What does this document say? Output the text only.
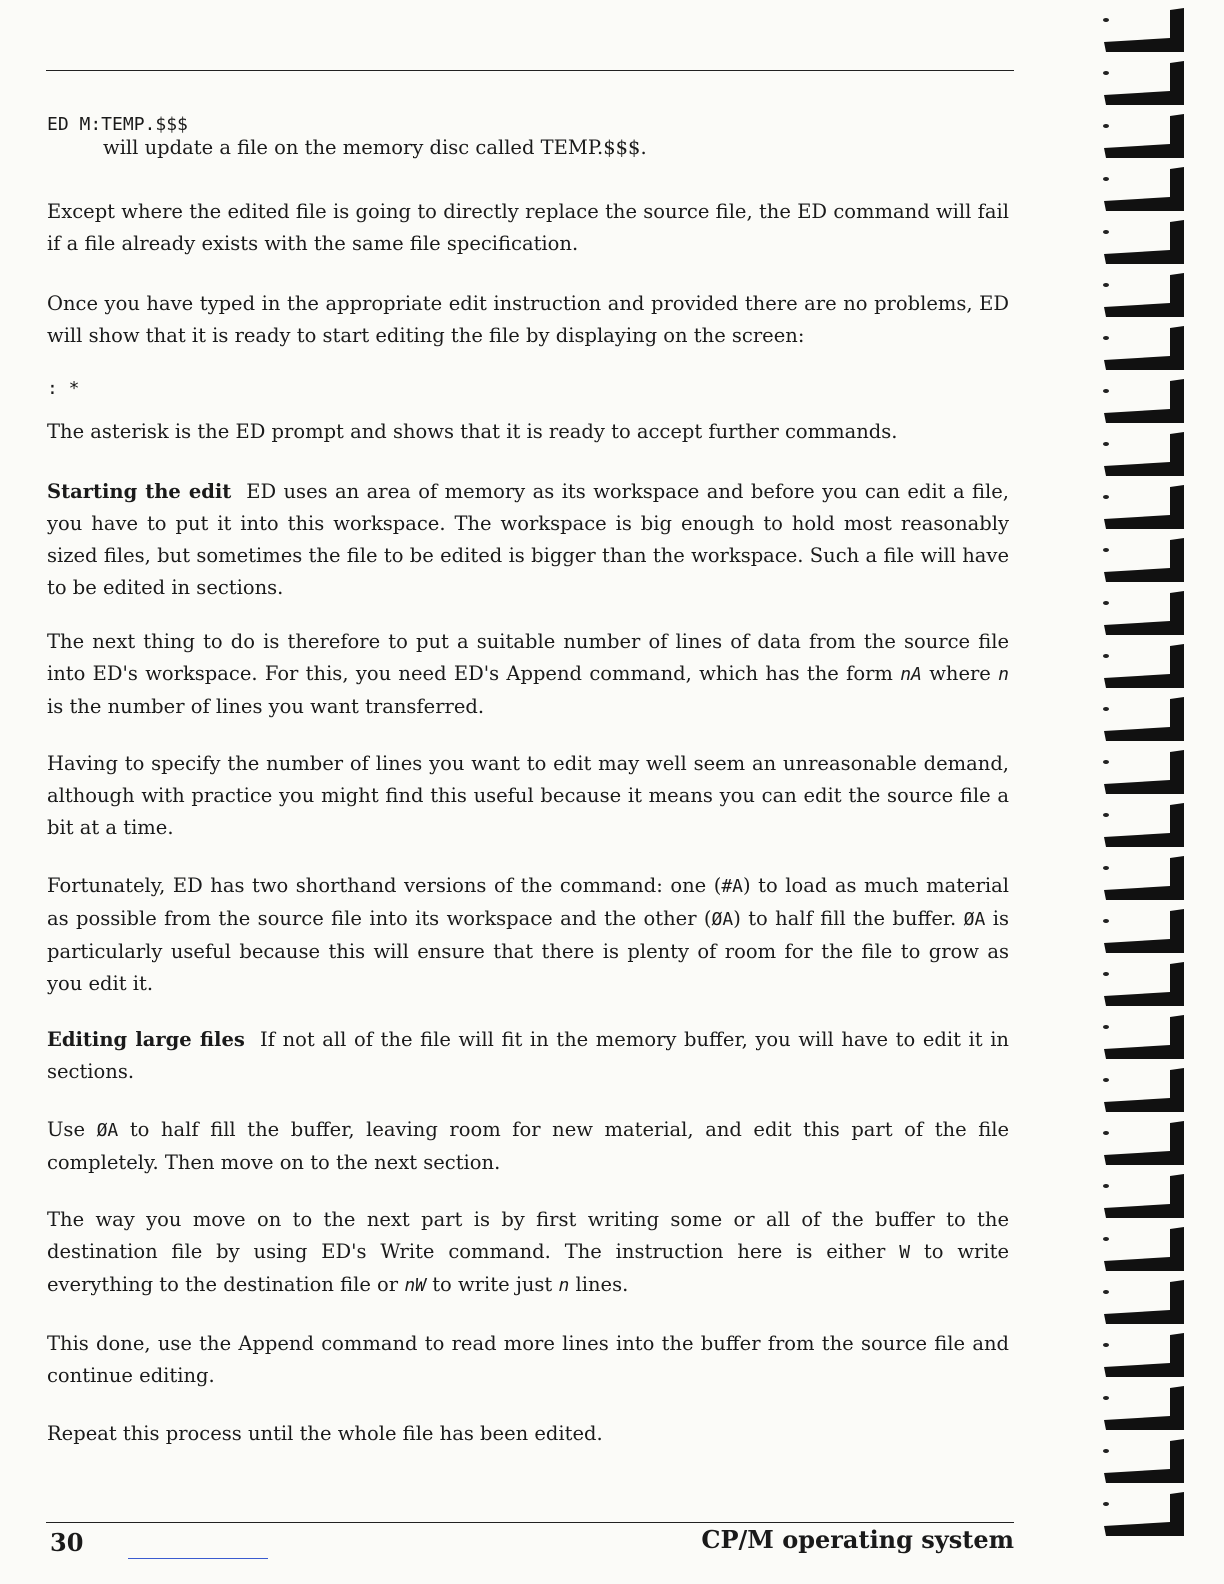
ED M:TEMP.$$$

will update a file on the memory disc called TEMP.$$$.

Except where the edited file is going to directly replace the source file, the ED command will fail if a file already exists with the same file specification.

Once you have typed in the appropriate edit instruction and provided there are no problems, ED will show that it is ready to start editing the file by displaying on the screen:

: *

The asterisk is the ED prompt and shows that it is ready to accept further commands.

Starting the edit ED uses an area of memory as its workspace and before you can edit a file, you have to put it into this workspace. The workspace is big enough to hold most reasonably sized files, but sometimes the file to be edited is bigger than the workspace. Such a file will have to be edited in sections.

The next thing to do is therefore to put a suitable number of lines of data from the source file into ED's workspace. For this, you need ED's Append command, which has the form nA where n is the number of lines you want transferred.

Having to specify the number of lines you want to edit may well seem an unreasonable demand, although with practice you might find this useful because it means you can edit the source file a bit at a time.

Fortunately, ED has two shorthand versions of the command: one (#A) to load as much material as possible from the source file into its workspace and the other (ØA) to half fill the buffer. ØA is particularly useful because this will ensure that there is plenty of room for the file to grow as you edit it.

Editing large files If not all of the file will fit in the memory buffer, you will have to edit it in sections.

Use ØA to half fill the buffer, leaving room for new material, and edit this part of the file completely. Then move on to the next section.

The way you move on to the next part is by first writing some or all of the buffer to the destination file by using ED's Write command. The instruction here is either W to write everything to the destination file or nW to write just n lines.

This done, use the Append command to read more lines into the buffer from the source file and continue editing.

Repeat this process until the whole file has been edited.

30	CP/M operating system
